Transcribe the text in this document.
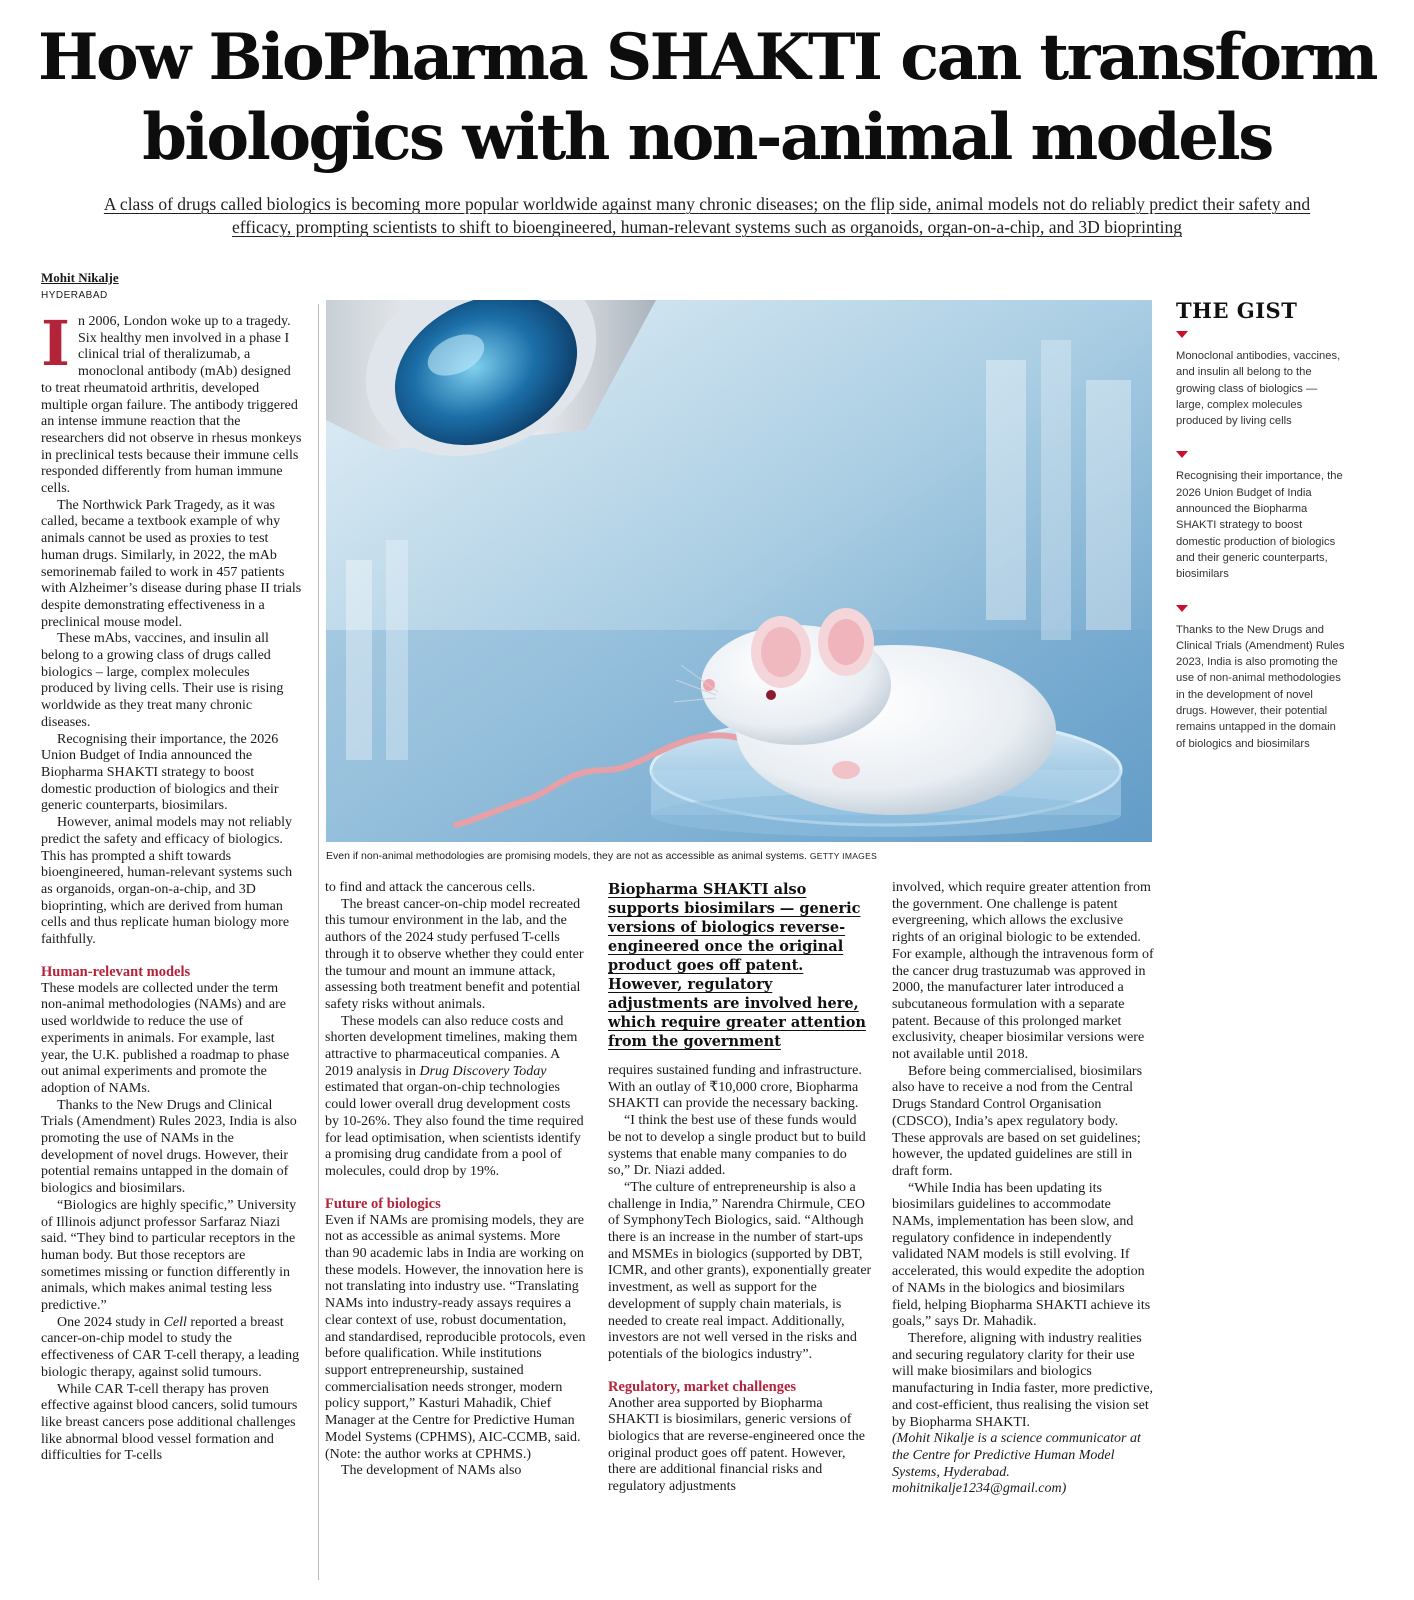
How BioPharma SHAKTI can transform
biologics with non-animal models
A class of drugs called biologics is becoming more popular worldwide against many chronic diseases; on the flip side, animal models not do reliably predict their safety and
efficacy, prompting scientists to shift to bioengineered, human-relevant systems such as organoids, organ-on-a-chip, and 3D bioprinting
Mohit Nikalje
HYDERABAD

In 2006, London woke up to a tragedy. Six healthy men involved in a phase I clinical trial of theralizumab, a monoclonal antibody (mAb) designed to treat rheumatoid arthritis, developed multiple organ failure. The antibody triggered an intense immune reaction that the researchers did not observe in rhesus monkeys in preclinical tests because their immune cells responded differently from human immune cells.

The Northwick Park Tragedy, as it was called, became a textbook example of why animals cannot be used as proxies to test human drugs. Similarly, in 2022, the mAb semorinemab failed to work in 457 patients with Alzheimer’s disease during phase II trials despite demonstrating effectiveness in a preclinical mouse model.

These mAbs, vaccines, and insulin all belong to a growing class of drugs called biologics – large, complex molecules produced by living cells. Their use is rising worldwide as they treat many chronic diseases.

Recognising their importance, the 2026 Union Budget of India announced the Biopharma SHAKTI strategy to boost domestic production of biologics and their generic counterparts, biosimilars.

However, animal models may not reliably predict the safety and efficacy of biologics. This has prompted a shift towards bioengineered, human-relevant systems such as organoids, organ-on-a-chip, and 3D bioprinting, which are derived from human cells and thus replicate human biology more faithfully.

Human-relevant models

These models are collected under the term non-animal methodologies (NAMs) and are used worldwide to reduce the use of experiments in animals. For example, last year, the U.K. published a roadmap to phase out animal experiments and promote the adoption of NAMs.

Thanks to the New Drugs and Clinical Trials (Amendment) Rules 2023, India is also promoting the use of NAMs in the development of novel drugs. However, their potential remains untapped in the domain of biologics and biosimilars.

“Biologics are highly specific,” University of Illinois adjunct professor Sarfaraz Niazi said. “They bind to particular receptors in the human body. But those receptors are sometimes missing or function differently in animals, which makes animal testing less predictive.”

One 2024 study in Cell reported a breast cancer-on-chip model to study the effectiveness of CAR T-cell therapy, a leading biologic therapy, against solid tumours.

While CAR T-cell therapy has proven effective against blood cancers, solid tumours like breast cancers pose additional challenges like abnormal blood vessel formation and difficulties for T-cells

Even if non-animal methodologies are promising models, they are not as accessible as animal systems. GETTY IMAGES
THE GIST
Monoclonal antibodies, vaccines, and insulin all belong to the growing class of biologics — large, complex molecules produced by living cells
Recognising their importance, the 2026 Union Budget of India announced the Biopharma SHAKTI strategy to boost domestic production of biologics and their generic counterparts, biosimilars
Thanks to the New Drugs and Clinical Trials (Amendment) Rules 2023, India is also promoting the use of non-animal methodologies in the development of novel drugs. However, their potential remains untapped in the domain of biologics and biosimilars

to find and attack the cancerous cells.

The breast cancer-on-chip model recreated this tumour environment in the lab, and the authors of the 2024 study perfused T-cells through it to observe whether they could enter the tumour and mount an immune attack, assessing both treatment benefit and potential safety risks without animals.

These models can also reduce costs and shorten development timelines, making them attractive to pharmaceutical companies. A 2019 analysis in Drug Discovery Today estimated that organ-on-chip technologies could lower overall drug development costs by 10-26%. They also found the time required for lead optimisation, when scientists identify a promising drug candidate from a pool of molecules, could drop by 19%.

Future of biologics

Even if NAMs are promising models, they are not as accessible as animal systems. More than 90 academic labs in India are working on these models. However, the innovation here is not translating into industry use. “Translating NAMs into industry-ready assays requires a clear context of use, robust documentation, and standardised, reproducible protocols, even before qualification. While institutions support entrepreneurship, sustained commercialisation needs stronger, modern policy support,” Kasturi Mahadik, Chief Manager at the Centre for Predictive Human Model Systems (CPHMS), AIC-CCMB, said. (Note: the author works at CPHMS.)

The development of NAMs also

Biopharma SHAKTI also supports biosimilars — generic versions of biologics reverse-engineered once the original product goes off patent. However, regulatory adjustments are involved here, which require greater attention from the government

requires sustained funding and infrastructure. With an outlay of ₹10,000 crore, Biopharma SHAKTI can provide the necessary backing.

“I think the best use of these funds would be not to develop a single product but to build systems that enable many companies to do so,” Dr. Niazi added.

“The culture of entrepreneurship is also a challenge in India,” Narendra Chirmule, CEO of SymphonyTech Biologics, said. “Although there is an increase in the number of start-ups and MSMEs in biologics (supported by DBT, ICMR, and other grants), exponentially greater investment, as well as support for the development of supply chain materials, is needed to create real impact. Additionally, investors are not well versed in the risks and potentials of the biologics industry”.

Regulatory, market challenges

Another area supported by Biopharma SHAKTI is biosimilars, generic versions of biologics that are reverse-engineered once the original product goes off patent. However, there are additional financial risks and regulatory adjustments

involved, which require greater attention from the government. One challenge is patent evergreening, which allows the exclusive rights of an original biologic to be extended. For example, although the intravenous form of the cancer drug trastuzumab was approved in 2000, the manufacturer later introduced a subcutaneous formulation with a separate patent. Because of this prolonged market exclusivity, cheaper biosimilar versions were not available until 2018.

Before being commercialised, biosimilars also have to receive a nod from the Central Drugs Standard Control Organisation (CDSCO), India’s apex regulatory body. These approvals are based on set guidelines; however, the updated guidelines are still in draft form.

“While India has been updating its biosimilars guidelines to accommodate NAMs, implementation has been slow, and regulatory confidence in independently validated NAM models is still evolving. If accelerated, this would expedite the adoption of NAMs in the biologics and biosimilars field, helping Biopharma SHAKTI achieve its goals,” says Dr. Mahadik.

Therefore, aligning with industry realities and securing regulatory clarity for their use will make biosimilars and biologics manufacturing in India faster, more predictive, and cost-efficient, thus realising the vision set by Biopharma SHAKTI.

(Mohit Nikalje is a science communicator at the Centre for Predictive Human Model Systems, Hyderabad. mohitnikalje1234@gmail.com)
